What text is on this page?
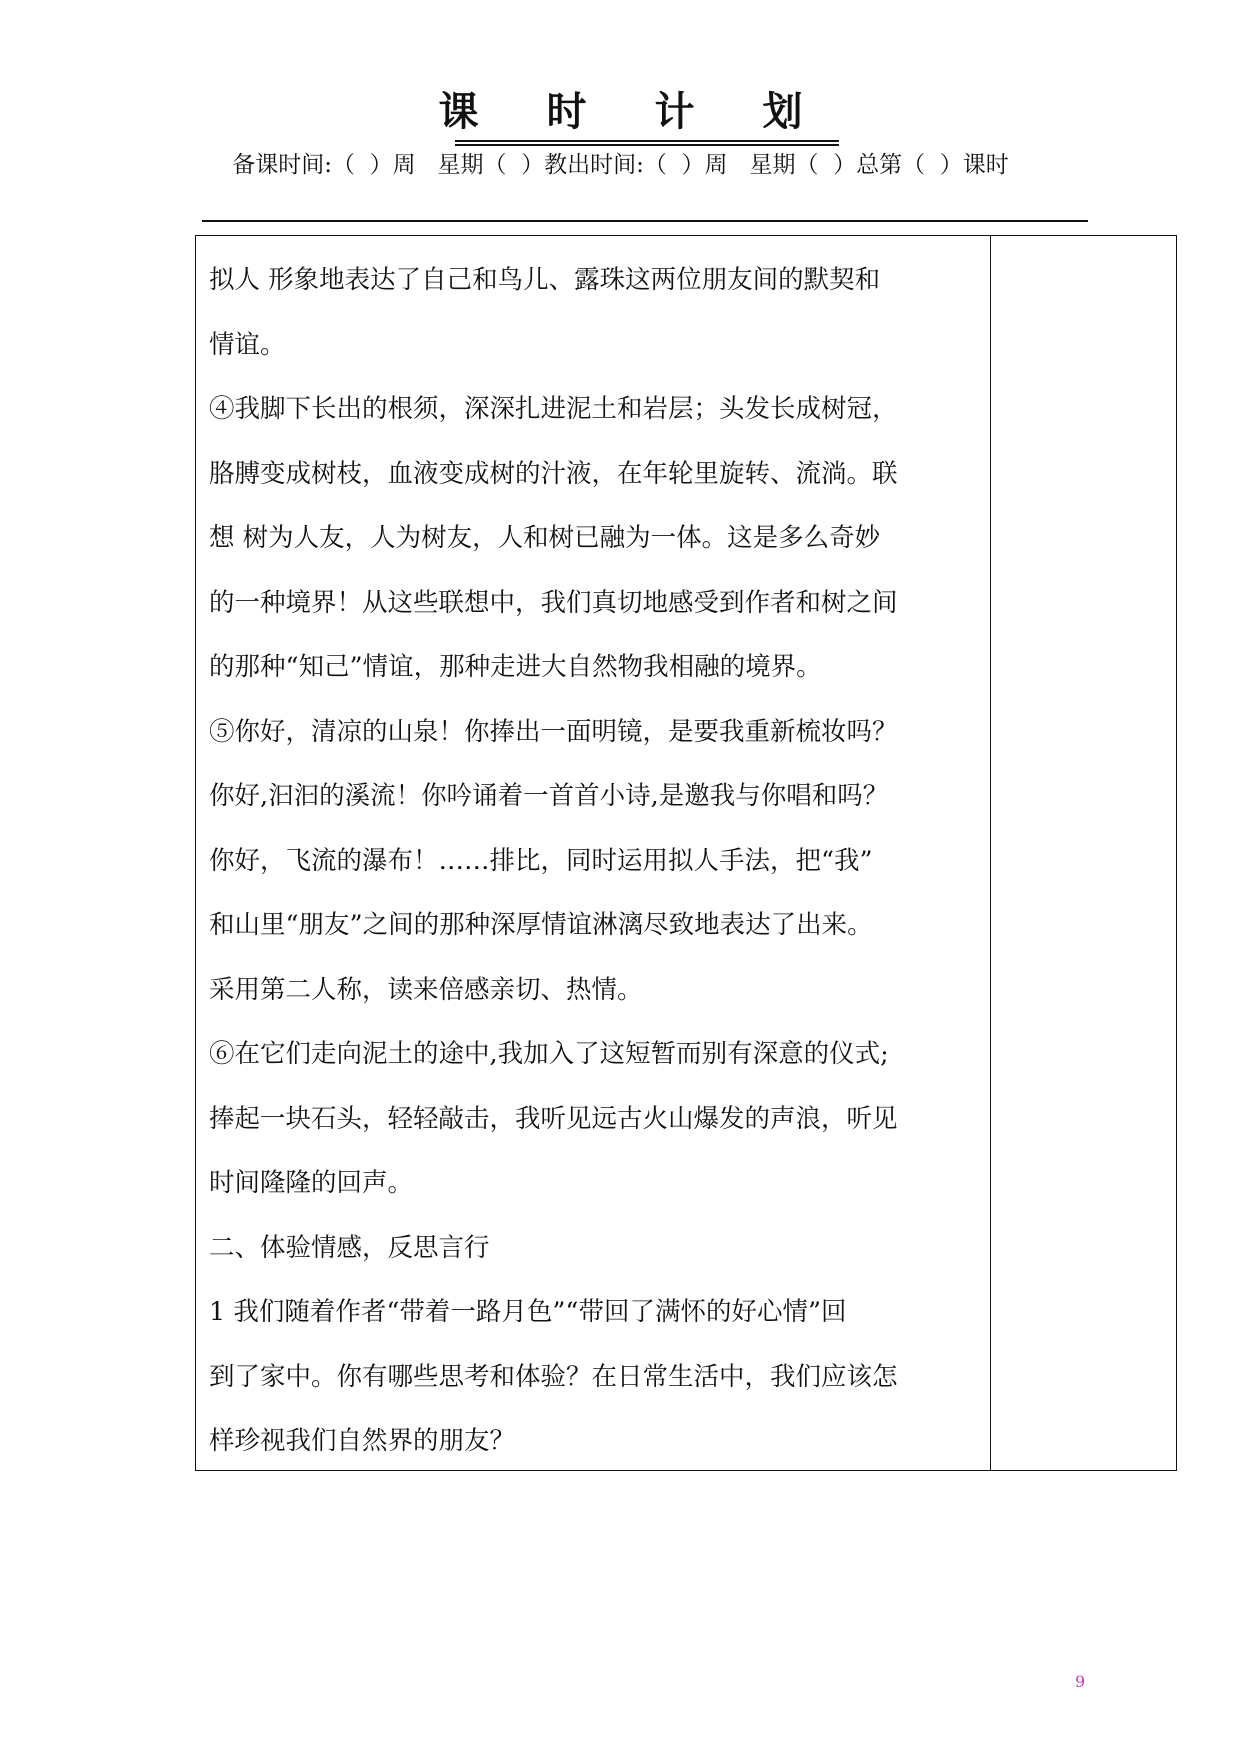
课时计划

备课时间:（  ）周   星期（  ）教出时间:（  ）周   星期（  ）总第（  ）课时

拟人 形象地表达了自己和鸟儿、露珠这两位朋友间的默契和

情谊。

④我脚下长出的根须，深深扎进泥土和岩层；头发长成树冠，

胳膊变成树枝，血液变成树的汁液，在年轮里旋转、流淌。联

想 树为人友，人为树友，人和树已融为一体。这是多么奇妙

的一种境界！从这些联想中，我们真切地感受到作者和树之间

的那种“知己”情谊，那种走进大自然物我相融的境界。

⑤你好，清凉的山泉！你捧出一面明镜，是要我重新梳妆吗？

你好,汩汩的溪流！你吟诵着一首首小诗,是邀我与你唱和吗？

你好，飞流的瀑布！……排比，同时运用拟人手法，把“我”

和山里“朋友”之间的那种深厚情谊淋漓尽致地表达了出来。

采用第二人称，读来倍感亲切、热情。

⑥在它们走向泥土的途中,我加入了这短暂而别有深意的仪式;

捧起一块石头，轻轻敲击，我听见远古火山爆发的声浪，听见

时间隆隆的回声。

二、体验情感，反思言行

1 我们随着作者“带着一路月色”“带回了满怀的好心情”回

到了家中。你有哪些思考和体验？在日常生活中，我们应该怎

样珍视我们自然界的朋友？

9
